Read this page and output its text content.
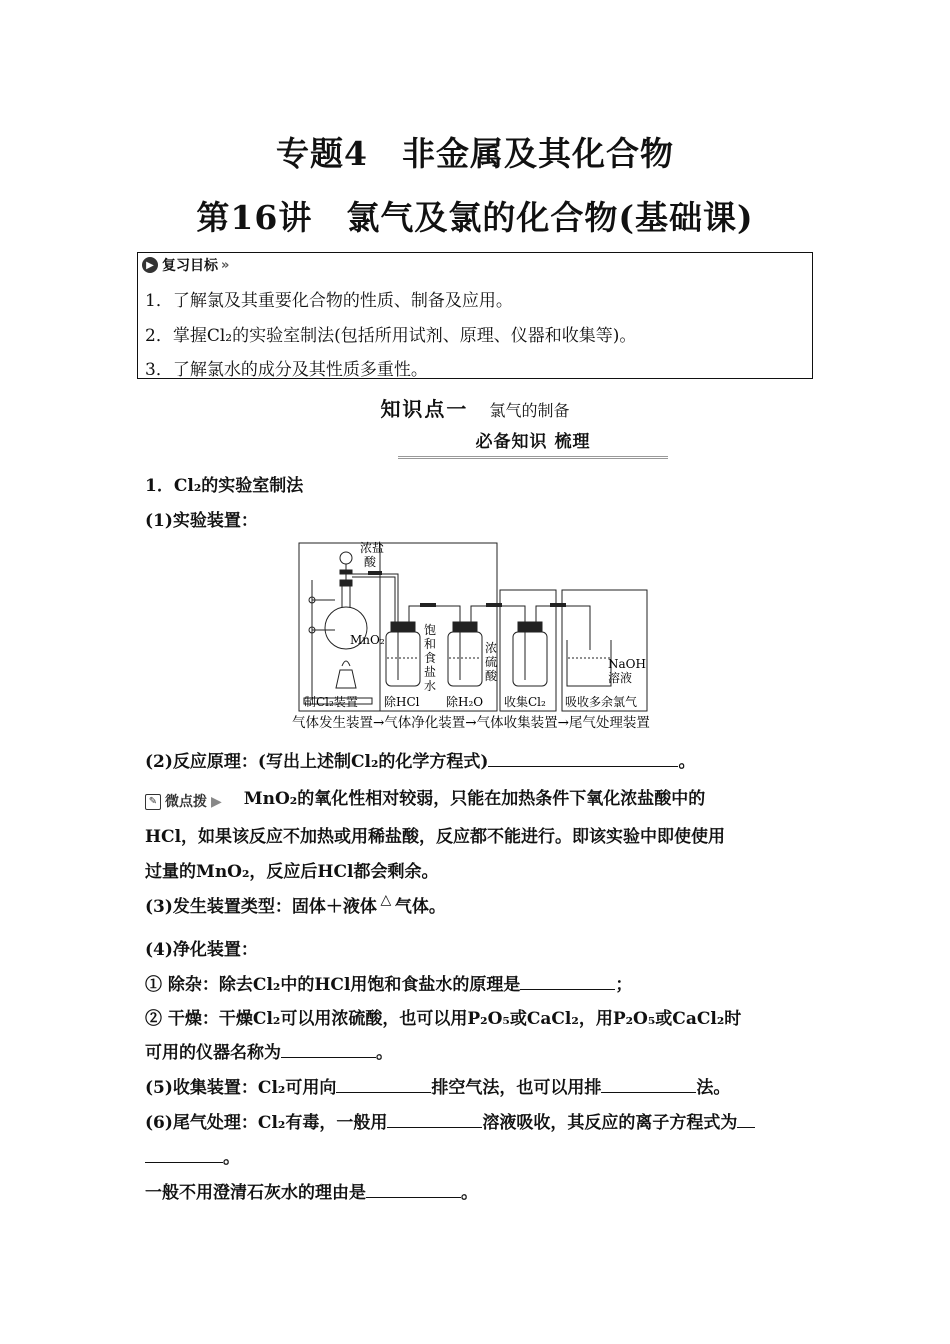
专题4　非金属及其化合物
第16讲　氯气及氯的化合物(基础课)
▶ 复习目标 »
1．了解氯及其重要化合物的性质、制备及应用。
2．掌握Cl₂的实验室制法(包括所用试剂、原理、仪器和收集等)。
3．了解氯水的成分及其性质多重性。
知识点一 氯气的制备
必备知识 梳理
1．Cl₂的实验室制法
(1)实验装置：
浓盐
酸
MnO₂
饱
和
食
盐
水
浓
硫
酸
NaOH
溶液
制Cl₂装置 除HCl 除H₂O 收集Cl₂ 吸收多余氯气
气体发生装置→气体净化装置→气体收集装置→尾气处理装置
(2)反应原理：(写出上述制Cl₂的化学方程式)	。
✎ 微点拨 ▶ MnO₂的氧化性相对较弱，只能在加热条件下氧化浓盐酸中的
HCl，如果该反应不加热或用稀盐酸，反应都不能进行。即该实验中即使使用
过量的MnO₂，反应后HCl都会剩余。
(3)发生装置类型：固体＋液体 △ 气体。
(4)净化装置：
① 除杂：除去Cl₂中的HCl用饱和食盐水的原理是	；
② 干燥：干燥Cl₂可以用浓硫酸，也可以用P₂O₅或CaCl₂，用P₂O₅或CaCl₂时
可用的仪器名称为	。
(5)收集装置：Cl₂可用向	排空气法，也可以用排	法。
(6)尾气处理：Cl₂有毒，一般用	溶液吸收，其反应的离子方程式为
。
一般不用澄清石灰水的理由是	。
